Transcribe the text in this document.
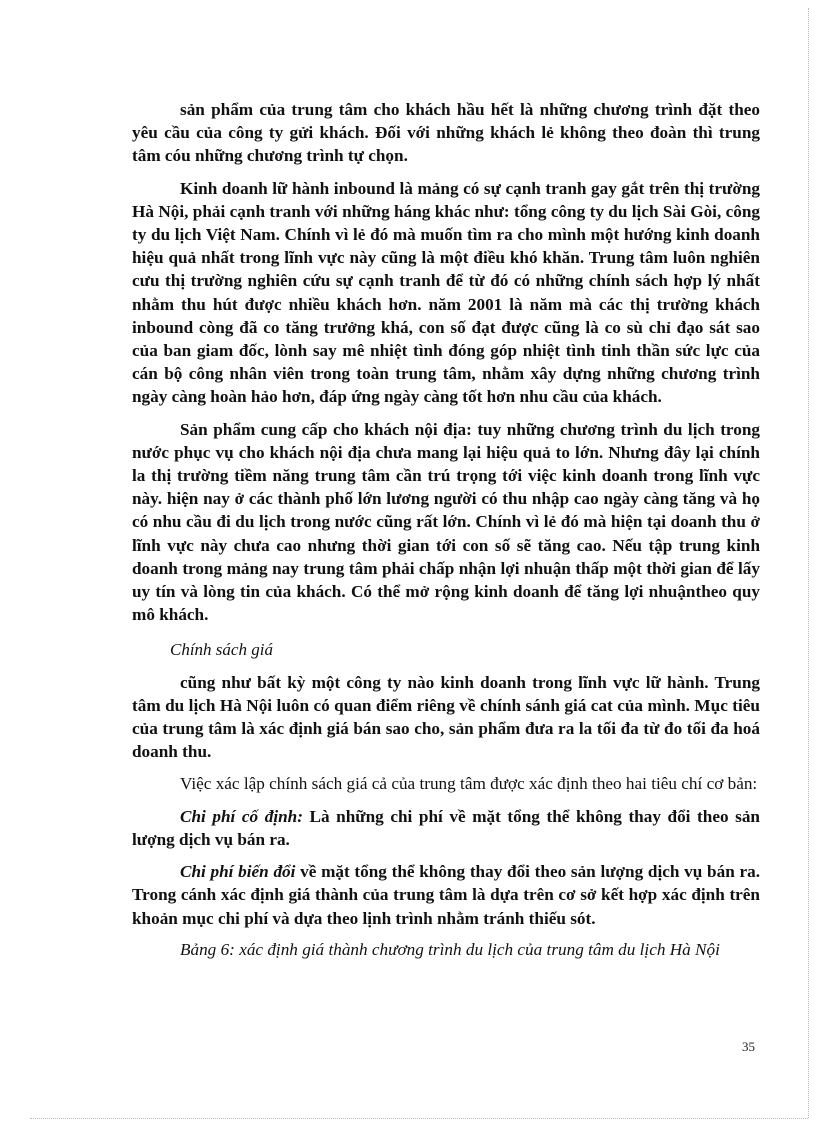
sản phẩm của trung tâm cho khách hầu hết là những chương trình đặt theo yêu cầu của công ty gửi khách. Đối với những khách lẻ không theo đoàn thì trung tâm cóu những chương trình tự chọn.

Kinh doanh lữ hành inbound là mảng có sự cạnh tranh gay gắt trên thị trường Hà Nội, phải cạnh tranh với những háng khác như: tổng công ty du lịch Sài Gòi, công ty du lịch Việt Nam. Chính vì lẻ đó mà muốn tìm ra cho mình một hướng kinh doanh hiệu quả nhất trong lĩnh vực này cũng là một điều khó khăn. Trung tâm luôn nghiên cưu thị trường nghiên cứu sự cạnh tranh để từ đó có những chính sách hợp lý nhất nhằm thu hút được nhiều khách hơn. năm 2001 là năm mà các thị trường khách inbound còng đã co tăng trưởng khá, con số đạt được cũng là co sù chỉ đạo sát sao của ban giam đốc, lònh say mê nhiệt tình đóng góp nhiệt tình tinh thần sức lực của cán bộ công nhân viên trong toàn trung tâm, nhằm xây dựng những chương trình ngày càng hoàn hảo hơn, đáp ứng ngày càng tốt hơn nhu cầu của khách.

Sản phẩm cung cấp cho khách nội địa: tuy những chương trình du lịch trong nước phục vụ cho khách nội địa chưa mang lại hiệu quả to lớn. Nhưng đây lại chính la thị trường tiềm năng trung tâm cần trú trọng tới việc kinh doanh trong lĩnh vực này. hiện nay ở các thành phố lớn lương người có thu nhập cao ngày càng tăng và họ có nhu cầu đi du lịch trong nước cũng rất lớn. Chính vì lẻ đó mà hiện tại doanh thu ở lĩnh vực này chưa cao nhưng thời gian tới con số sẽ tăng cao. Nếu tập trung kinh doanh trong mảng nay trung tâm phải chấp nhận lợi nhuận thấp một thời gian để lấy uy tín và lòng tin của khách. Có thể mở rộng kinh doanh để tăng lợi nhuậntheo quy mô khách.

Chính sách giá

cũng như bất kỳ một công ty nào kinh doanh trong lĩnh vực lữ hành. Trung tâm du lịch Hà Nội luôn có quan điểm riêng về chính sánh giá cat của mình. Mục tiêu của trung tâm là xác định giá bán sao cho, sản phẩm đưa ra la tối đa từ đo tối đa hoá doanh thu.

Việc xác lập chính sách giá cả của trung tâm được xác định theo hai tiêu chí cơ bản:

Chi phí cố định: Là những chi phí về mặt tổng thể không thay đổi theo sản lượng dịch vụ bán ra.

Chi phí biến đổi về mặt tổng thể không thay đổi theo sản lượng dịch vụ bán ra. Trong cánh xác định giá thành của trung tâm là dựa trên cơ sở kết hợp xác định trên khoản mục chi phí và dựa theo lịnh trình nhằm tránh thiếu sót.

Bảng 6: xác định giá thành chương trình du lịch của trung tâm du lịch Hà Nội

35
